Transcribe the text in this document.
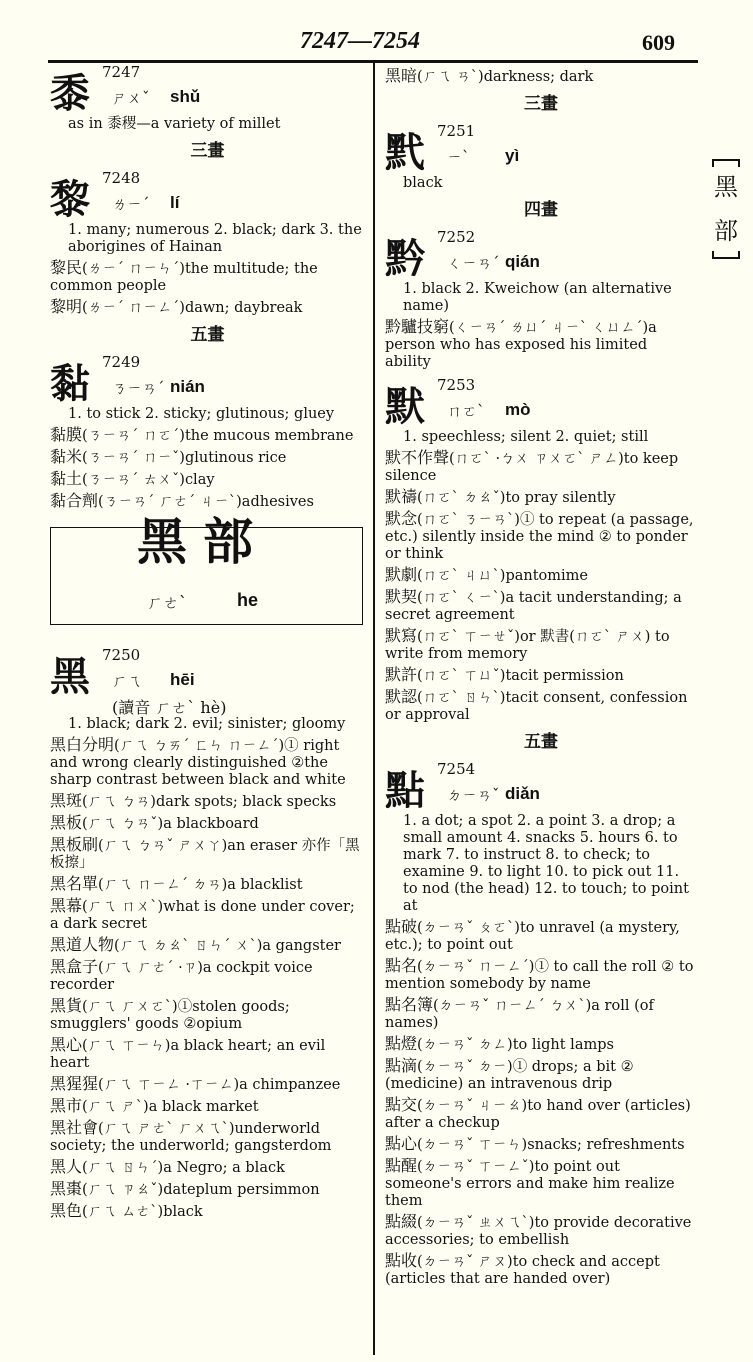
7247—7254	609
黑
部
黍 7247
ㄕㄨˇ shǔ
as in 黍稷—a variety of millet
三畫
黎 7248
ㄌㄧˊ lí
1. many; numerous 2. black; dark 3. the aborigines of Hainan
黎民(ㄌㄧˊ ㄇㄧㄣˊ)the multitude; the common people
黎明(ㄌㄧˊ ㄇㄧㄥˊ)dawn; daybreak
五畫
黏 7249
ㄋㄧㄢˊ nián
1. to stick 2. sticky; glutinous; gluey
黏膜(ㄋㄧㄢˊ ㄇㄛˊ)the mucous membrane
黏米(ㄋㄧㄢˊ ㄇㄧˇ)glutinous rice
黏土(ㄋㄧㄢˊ ㄊㄨˇ)clay
黏合劑(ㄋㄧㄢˊ ㄏㄜˊ ㄐㄧˋ)adhesives
黑部
ㄏㄜˋ	he
黑 7250
ㄏㄟ hēi
(讀音 ㄏㄜˋ hè)
1. black; dark 2. evil; sinister; gloomy
黑白分明(ㄏㄟ ㄅㄞˊ ㄈㄣ ㄇㄧㄥˊ)① right and wrong clearly distinguished ②the sharp contrast between black and white
黑斑(ㄏㄟ ㄅㄢ)dark spots; black specks
黑板(ㄏㄟ ㄅㄢˇ)a blackboard
黑板刷(ㄏㄟ ㄅㄢˇ ㄕㄨㄚ)an eraser 亦作「黑板擦」
黑名單(ㄏㄟ ㄇㄧㄥˊ ㄉㄢ)a blacklist
黑幕(ㄏㄟ ㄇㄨˋ)what is done under cover; a dark secret
黑道人物(ㄏㄟ ㄉㄠˋ ㄖㄣˊ ㄨˋ)a gangster
黑盒子(ㄏㄟ ㄏㄜˊ ·ㄗ)a cockpit voice recorder
黑貨(ㄏㄟ ㄏㄨㄛˋ)①stolen goods; smugglers' goods ②opium
黑心(ㄏㄟ ㄒㄧㄣ)a black heart; an evil heart
黑猩猩(ㄏㄟ ㄒㄧㄥ ·ㄒㄧㄥ)a chimpanzee
黑市(ㄏㄟ ㄕˋ)a black market
黑社會(ㄏㄟ ㄕㄜˋ ㄏㄨㄟˋ)underworld society; the underworld; gangsterdom
黑人(ㄏㄟ ㄖㄣˊ)a Negro; a black
黑棗(ㄏㄟ ㄗㄠˇ)dateplum persimmon
黑色(ㄏㄟ ㄙㄜˋ)black
黑暗(ㄏㄟ ㄢˋ)darkness; dark
三畫
黓 7251
ㄧˋ yì
black
四畫
黔 7252
ㄑㄧㄢˊ qián
1. black 2. Kweichow (an alternative name)
黔驢技窮(ㄑㄧㄢˊ ㄌㄩˊ ㄐㄧˋ ㄑㄩㄥˊ)a person who has exposed his limited ability
默 7253
ㄇㄛˋ mò
1. speechless; silent 2. quiet; still
默不作聲(ㄇㄛˋ ·ㄅㄨ ㄗㄨㄛˋ ㄕㄥ)to keep silence
默禱(ㄇㄛˋ ㄉㄠˇ)to pray silently
默念(ㄇㄛˋ ㄋㄧㄢˋ)① to repeat (a passage, etc.) silently inside the mind ② to ponder or think
默劇(ㄇㄛˋ ㄐㄩˋ)pantomime
默契(ㄇㄛˋ ㄑㄧˋ)a tacit understanding; a secret agreement
默寫(ㄇㄛˋ ㄒㄧㄝˇ)or 默書(ㄇㄛˋ ㄕㄨ) to write from memory
默許(ㄇㄛˋ ㄒㄩˇ)tacit permission
默認(ㄇㄛˋ ㄖㄣˋ)tacit consent, confession or approval
五畫
點 7254
ㄉㄧㄢˇ diǎn
1. a dot; a spot 2. a point 3. a drop; a small amount 4. snacks 5. hours 6. to mark 7. to instruct 8. to check; to examine 9. to light 10. to pick out 11. to nod (the head) 12. to touch; to point at
點破(ㄉㄧㄢˇ ㄆㄛˋ)to unravel (a mystery, etc.); to point out
點名(ㄉㄧㄢˇ ㄇㄧㄥˊ)① to call the roll ② to mention somebody by name
點名簿(ㄉㄧㄢˇ ㄇㄧㄥˊ ㄅㄨˋ)a roll (of names)
點燈(ㄉㄧㄢˇ ㄉㄥ)to light lamps
點滴(ㄉㄧㄢˇ ㄉㄧ)① drops; a bit ② (medicine) an intravenous drip
點交(ㄉㄧㄢˇ ㄐㄧㄠ)to hand over (articles) after a checkup
點心(ㄉㄧㄢˇ ㄒㄧㄣ)snacks; refreshments
點醒(ㄉㄧㄢˇ ㄒㄧㄥˇ)to point out someone's errors and make him realize them
點綴(ㄉㄧㄢˇ ㄓㄨㄟˋ)to provide decorative accessories; to embellish
點收(ㄉㄧㄢˇ ㄕㄡ)to check and accept (articles that are handed over)
